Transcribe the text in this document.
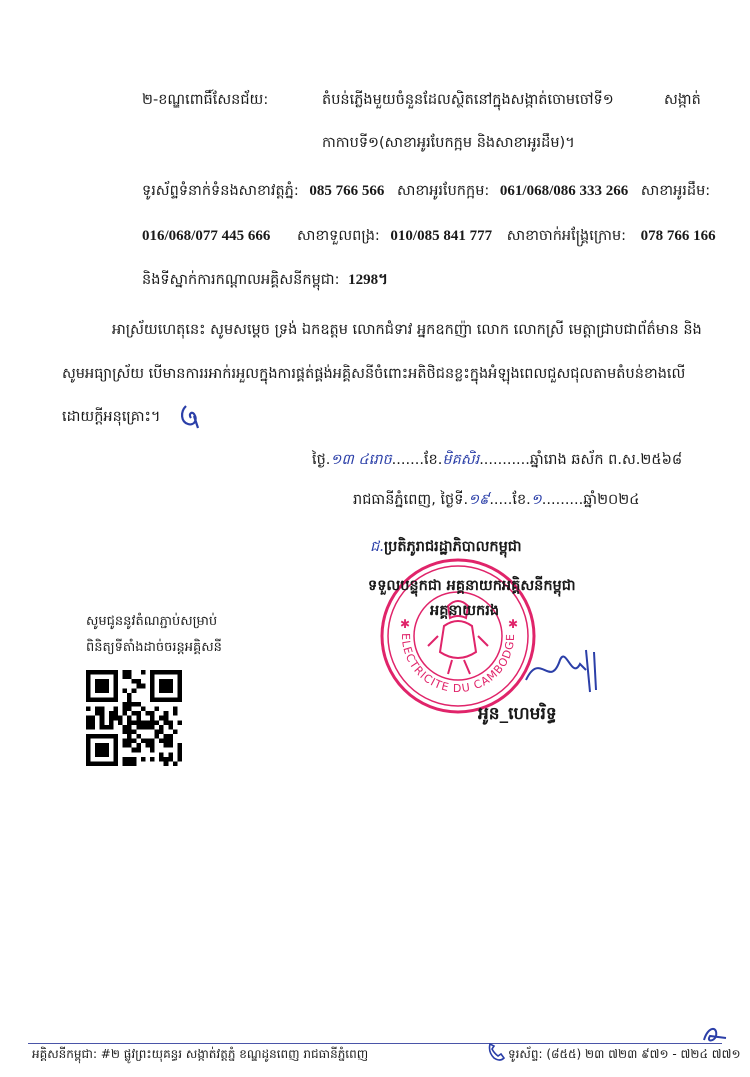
២-ខណ្ឌពោធិ៍សែនជ័យ:	តំបន់ភ្លើងមួយចំនួនដែលស្ថិតនៅក្នុងសង្កាត់ចោមចៅទី១	សង្កាត់
កាកាបទី១(សាខាអូរបែកក្អម និងសាខាអូរដឹម)។
ទូរស័ព្ទទំនាក់ទំនងសាខាវត្តភ្នំ: 085 766 566 សាខាអូរបែកក្អម: 061/068/086 333 266 សាខាអូរដឹម:
016/068/077 445 666 សាខាទួលពង្រ: 010/085 841 777 សាខាចាក់អង្គ្រែក្រោម: 078 766 166
និងទីស្នាក់ការកណ្តាលអគ្គិសនីកម្ពុជា: 1298។
អាស្រ័យហេតុនេះ សូមសម្តេច ទ្រង់ ឯកឧត្តម លោកជំទាវ អ្នកឧកញ៉ា លោក លោកស្រី មេត្តាជ្រាបជាព័ត៌មាន និង
សូមអធ្យាស្រ័យ បើមានការរអាក់រអួលក្នុងការផ្គត់ផ្គង់អគ្គិសនីចំពោះអតិថិជនខ្លះក្នុងអំឡុងពេលជួសជុលតាមតំបន់ខាងលើ
ដោយក្តីអនុគ្រោះ។
ថ្ងៃ.១៣ ៤រោច.......ខែ.មិគសិរ...........ឆ្នាំរោង ឆស័ក ព.ស.២៥៦៨
រាជធានីភ្នំពេញ, ថ្ងៃទី.១៩.....ខែ.១.........ឆ្នាំ២០២៤
ជ.ប្រតិភូរាជរដ្ឋាភិបាលកម្ពុជា
ELECTRICITE DU CAMBODGE
✱	✱
ទទួលបន្ទុកជា អគ្គនាយកអគ្គិសនីកម្ពុជា
អគ្គនាយករង
អូន_ហេមរិទ្ធ
សូមជូននូវតំណភ្ជាប់សម្រាប់
ពិនិត្យទីតាំងដាច់ចរន្តអគ្គិសនី
អគ្គិសនីកម្ពុជា: #២ ផ្លូវព្រះយុគន្ធរ សង្កាត់វត្តភ្នំ ខណ្ឌដូនពេញ រាជធានីភ្នំពេញ	ទូរស័ព្ទ: (៨៥៥) ២៣ ៧២៣ ៩៧១ - ៧២៤ ៧៧១
